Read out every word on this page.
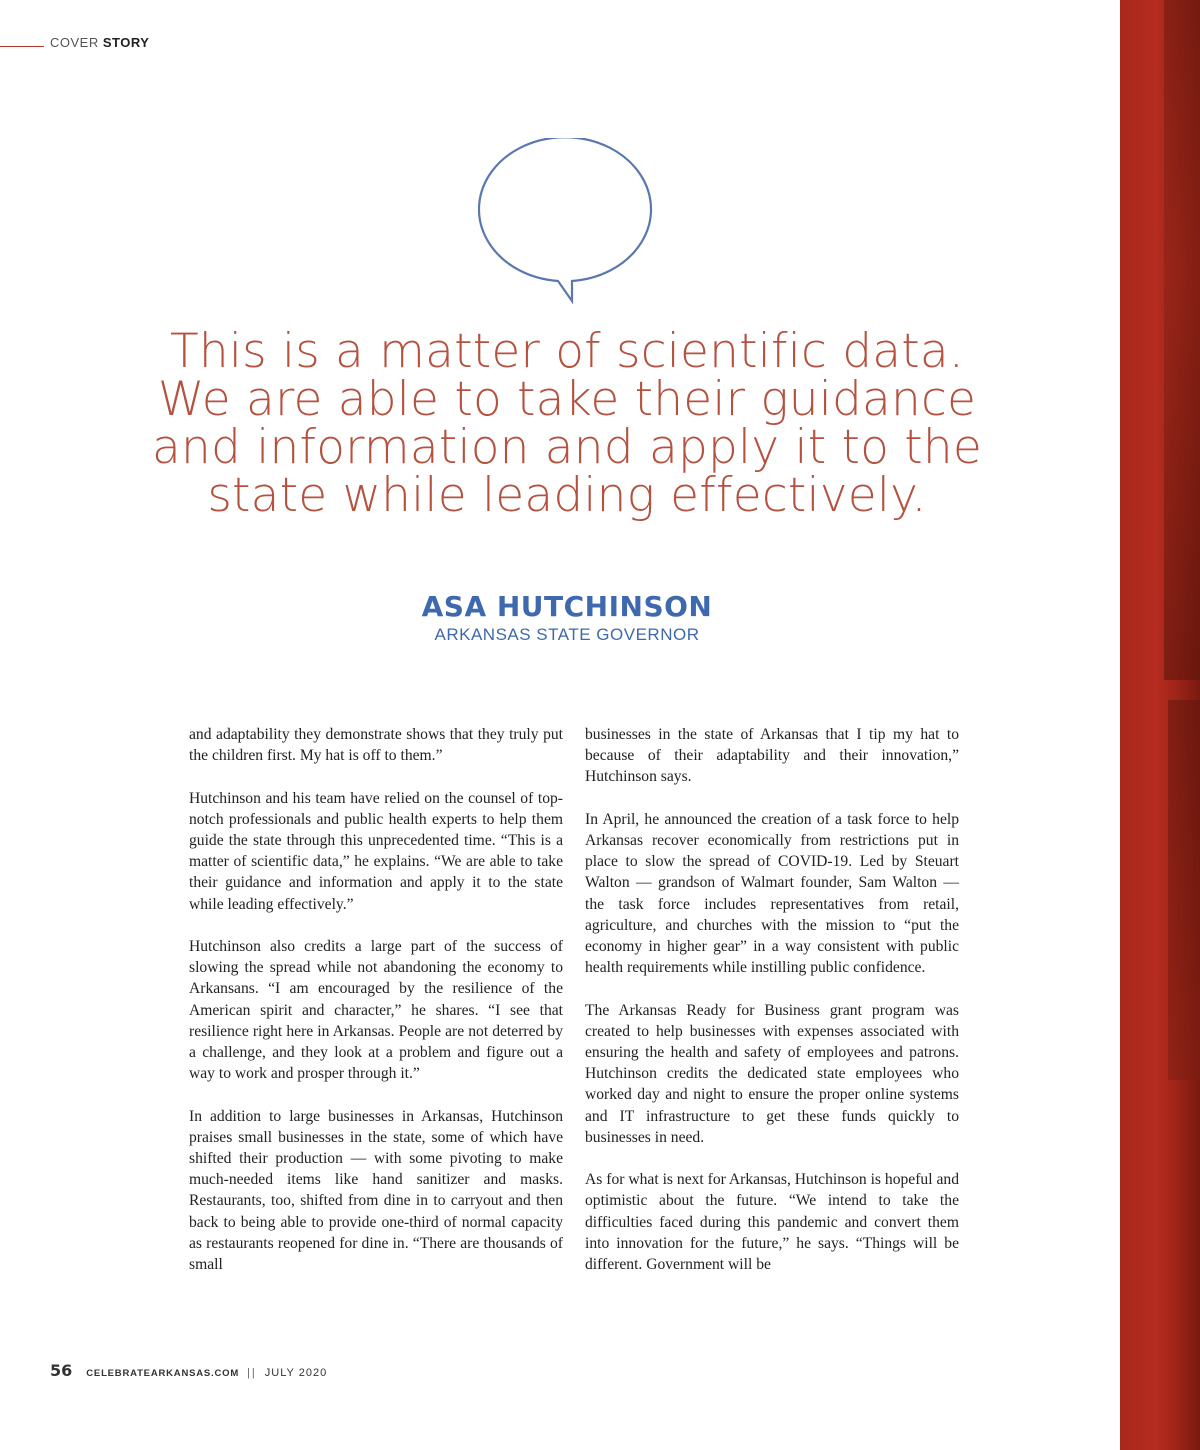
COVER STORY

This is a matter of scientific data. We are able to take their guidance and information and apply it to the state while leading effectively.

ASA HUTCHINSON
ARKANSAS STATE GOVERNOR

and adaptability they demonstrate shows that they truly put the children first. My hat is off to them.”

Hutchinson and his team have relied on the counsel of top-notch professionals and public health experts to help them guide the state through this unprecedented time. “This is a matter of scientific data,” he explains. “We are able to take their guidance and information and apply it to the state while leading effectively.”

Hutchinson also credits a large part of the success of slowing the spread while not abandoning the economy to Arkansans. “I am encouraged by the resilience of the American spirit and character,” he shares. “I see that resilience right here in Arkansas. People are not deterred by a challenge, and they look at a problem and figure out a way to work and prosper through it.”

In addition to large businesses in Arkansas, Hutchinson praises small businesses in the state, some of which have shifted their production — with some pivoting to make much-needed items like hand sanitizer and masks. Restaurants, too, shifted from dine in to carryout and then back to being able to provide one-third of normal capacity as restaurants reopened for dine in. “There are thousands of small

businesses in the state of Arkansas that I tip my hat to because of their adaptability and their innovation,” Hutchinson says.

In April, he announced the creation of a task force to help Arkansas recover economically from restrictions put in place to slow the spread of COVID-19. Led by Steuart Walton — grandson of Walmart founder, Sam Walton — the task force includes representatives from retail, agriculture, and churches with the mission to “put the economy in higher gear” in a way consistent with public health requirements while instilling public confidence.

The Arkansas Ready for Business grant program was created to help businesses with expenses associated with ensuring the health and safety of employees and patrons. Hutchinson credits the dedicated state employees who worked day and night to ensure the proper online systems and IT infrastructure to get these funds quickly to businesses in need.

As for what is next for Arkansas, Hutchinson is hopeful and optimistic about the future. “We intend to take the difficulties faced during this pandemic and convert them into innovation for the future,” he says. “Things will be different. Government will be

56 CELEBRATEARKANSAS.COM || JULY 2020
